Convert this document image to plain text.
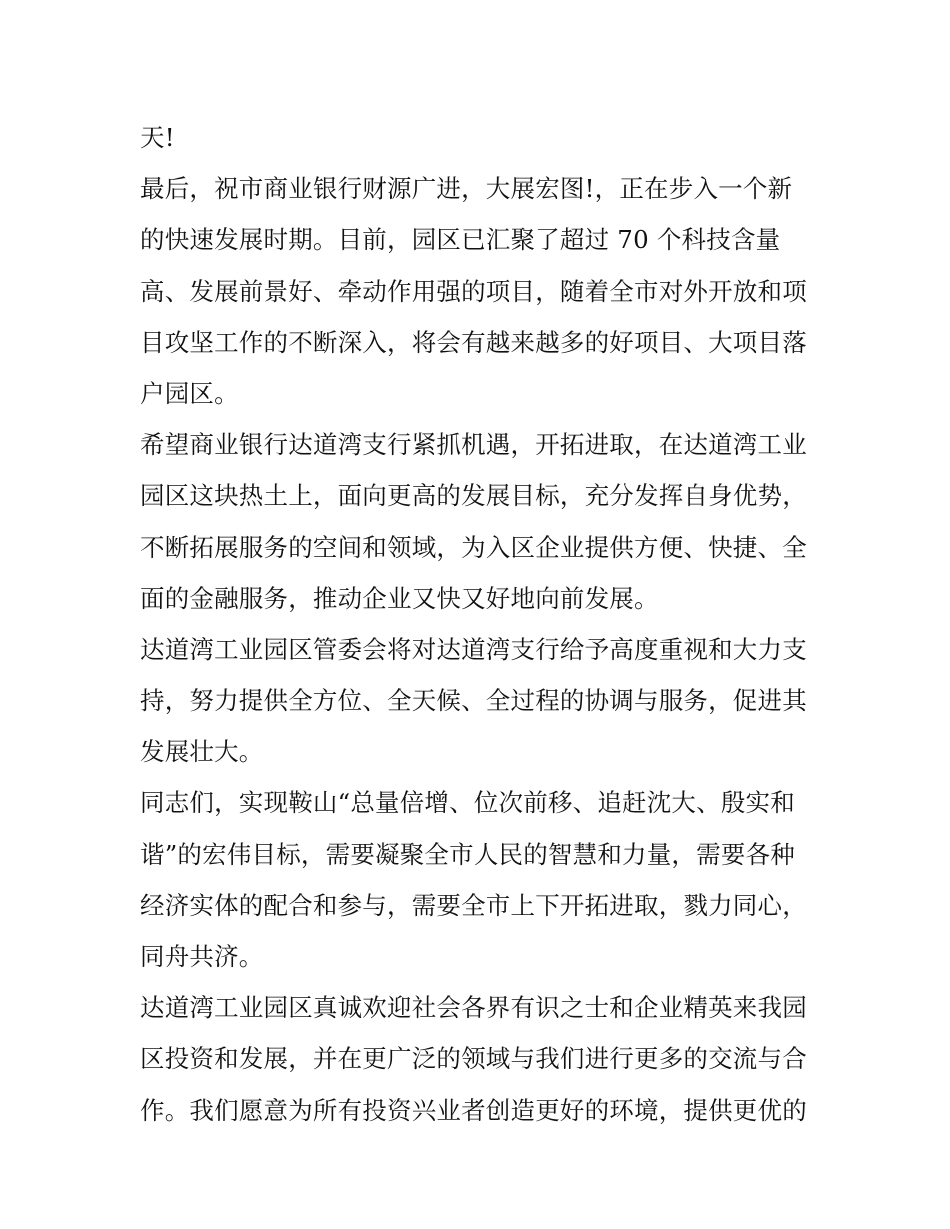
天!
最后，祝市商业银行财源广进，大展宏图!，正在步入一个新
的快速发展时期。目前，园区已汇聚了超过 70 个科技含量
高、发展前景好、牵动作用强的项目，随着全市对外开放和项
目攻坚工作的不断深入，将会有越来越多的好项目、大项目落
户园区。
希望商业银行达道湾支行紧抓机遇，开拓进取，在达道湾工业
园区这块热土上，面向更高的发展目标，充分发挥自身优势，
不断拓展服务的空间和领域，为入区企业提供方便、快捷、全
面的金融服务，推动企业又快又好地向前发展。
达道湾工业园区管委会将对达道湾支行给予高度重视和大力支
持，努力提供全方位、全天候、全过程的协调与服务，促进其
发展壮大。
同志们，实现鞍山“总量倍增、位次前移、追赶沈大、殷实和
谐”的宏伟目标，需要凝聚全市人民的智慧和力量，需要各种
经济实体的配合和参与，需要全市上下开拓进取，戮力同心，
同舟共济。
达道湾工业园区真诚欢迎社会各界有识之士和企业精英来我园
区投资和发展，并在更广泛的领域与我们进行更多的交流与合
作。我们愿意为所有投资兴业者创造更好的环境，提供更优的
